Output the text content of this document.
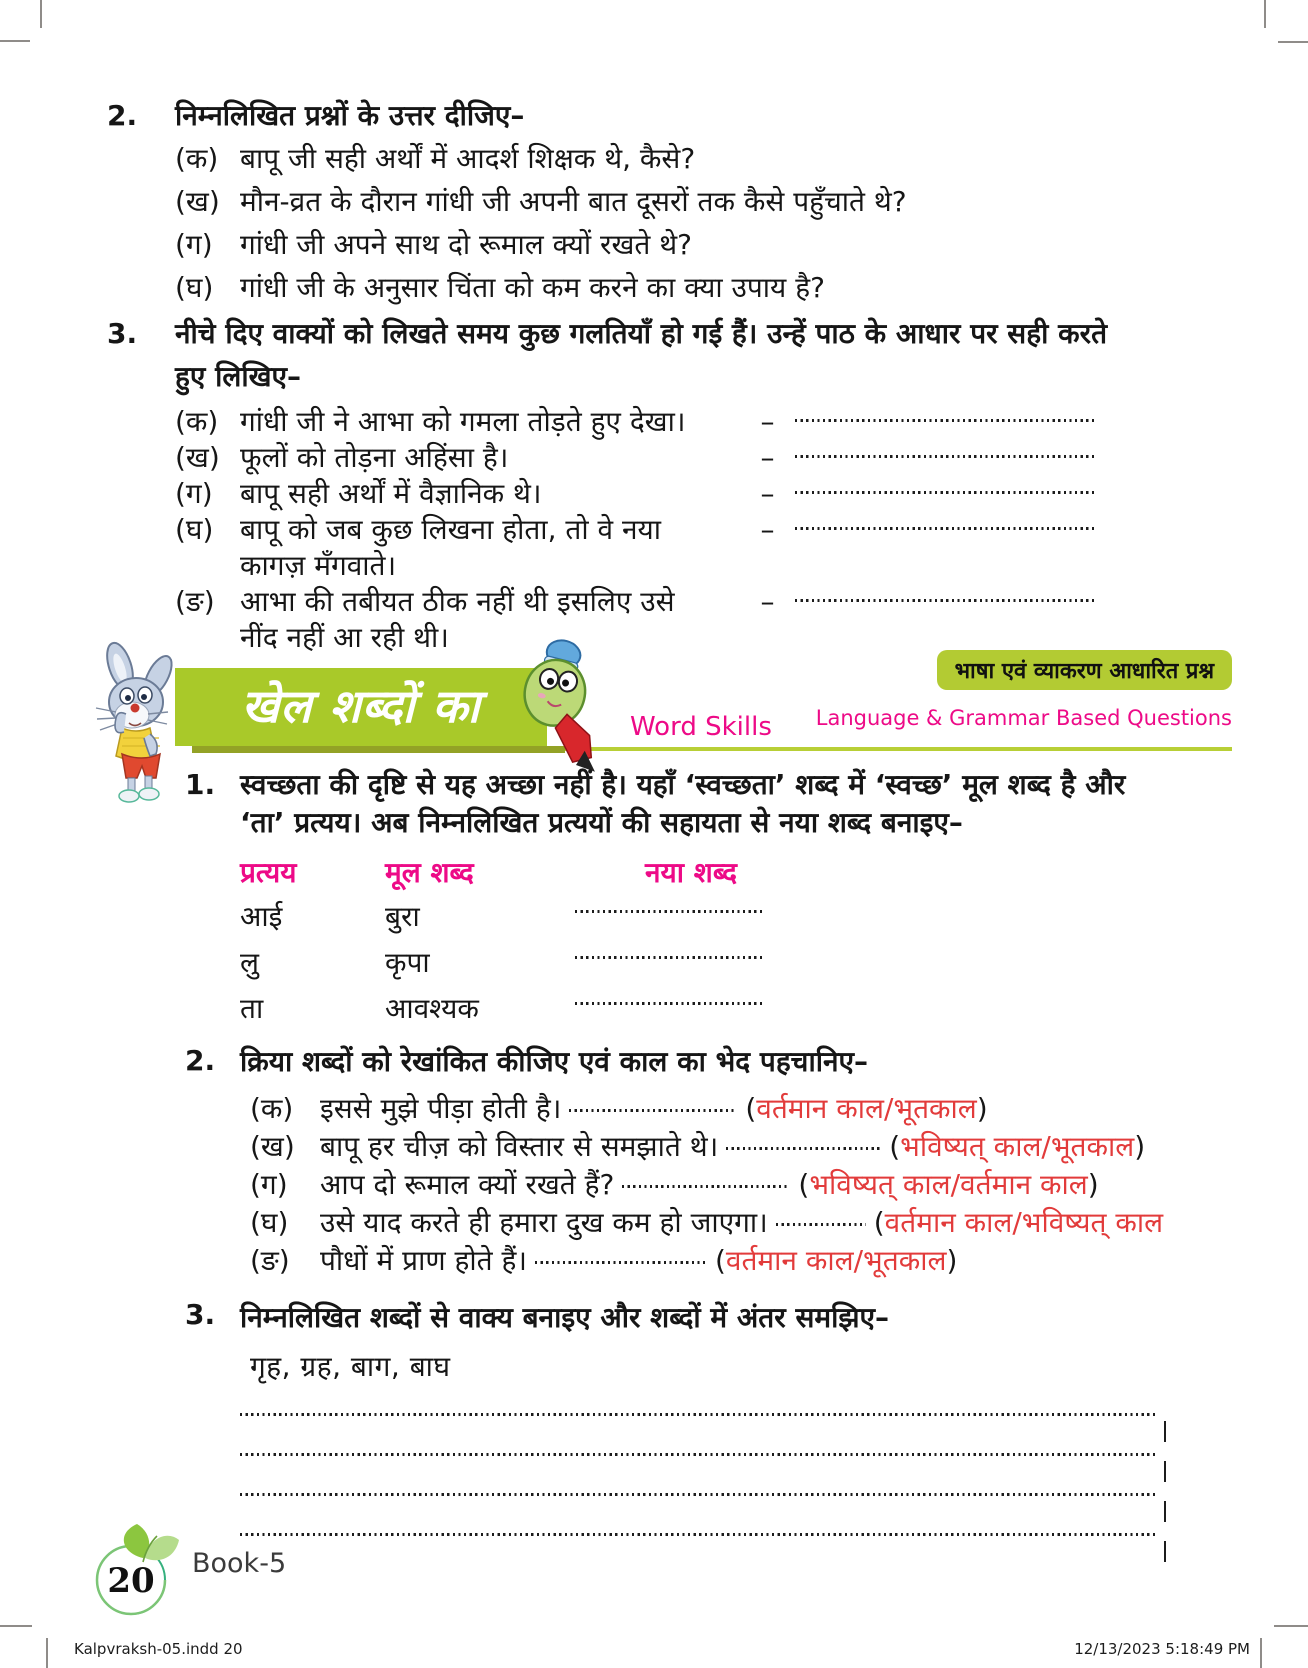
2.	निम्नलिखित प्रश्नों के उत्तर दीजिए–
(क) बापू जी सही अर्थों में आदर्श शिक्षक थे, कैसे?
(ख) मौन-व्रत के दौरान गांधी जी अपनी बात दूसरों तक कैसे पहुँचाते थे?
(ग) गांधी जी अपने साथ दो रूमाल क्यों रखते थे?
(घ) गांधी जी के अनुसार चिंता को कम करने का क्या उपाय है?
3.	नीचे दिए वाक्यों को लिखते समय कुछ गलतियाँ हो गई हैं। उन्हें पाठ के आधार पर सही करते
हुए लिखिए–
(क) गांधी जी ने आभा को गमला तोड़ते हुए देखा।	–
(ख) फूलों को तोड़ना अहिंसा है।	–
(ग) बापू सही अर्थों में वैज्ञानिक थे।	–
(घ) बापू को जब कुछ लिखना होता, तो वे नया
कागज़ मँगवाते।
–
(ङ) आभा की तबीयत ठीक नहीं थी इसलिए उसे
नींद नहीं आ रही थी।
–
खेल शब्दों का	Word Skills
भाषा एवं व्याकरण आधारित प्रश्न
Language & Grammar Based Questions
1. स्वच्छता की दृष्टि से यह अच्छा नहीं है। यहाँ ‘स्वच्छता’ शब्द में ‘स्वच्छ’ मूल शब्द है और
‘ता’ प्रत्यय। अब निम्नलिखित प्रत्ययों की सहायता से नया शब्द बनाइए–
प्रत्यय	मूल शब्द	नया शब्द
आई	बुरा
लु	कृपा
ता	आवश्यक
2. क्रिया शब्दों को रेखांकित कीजिए एवं काल का भेद पहचानिए–
(क) इससे मुझे पीड़ा होती है।	(वर्तमान काल/भूतकाल)
(ख) बापू हर चीज़ को विस्तार से समझाते थे।	(भविष्यत् काल/भूतकाल)
(ग)	आप दो रूमाल क्यों रखते हैं?	(भविष्यत् काल/वर्तमान काल)
(घ)	उसे याद करते ही हमारा दुख कम हो जाएगा।	(वर्तमान काल/भविष्यत् काल
(ङ)	पौधों में प्राण होते हैं।	(वर्तमान काल/भूतकाल)
3. निम्नलिखित शब्दों से वाक्य बनाइए और शब्दों में अंतर समझिए–
गृह, ग्रह, बाग, बाघ
20 Book-5
Kalpvraksh-05.indd 20	12/13/2023 5:18:49 PM
